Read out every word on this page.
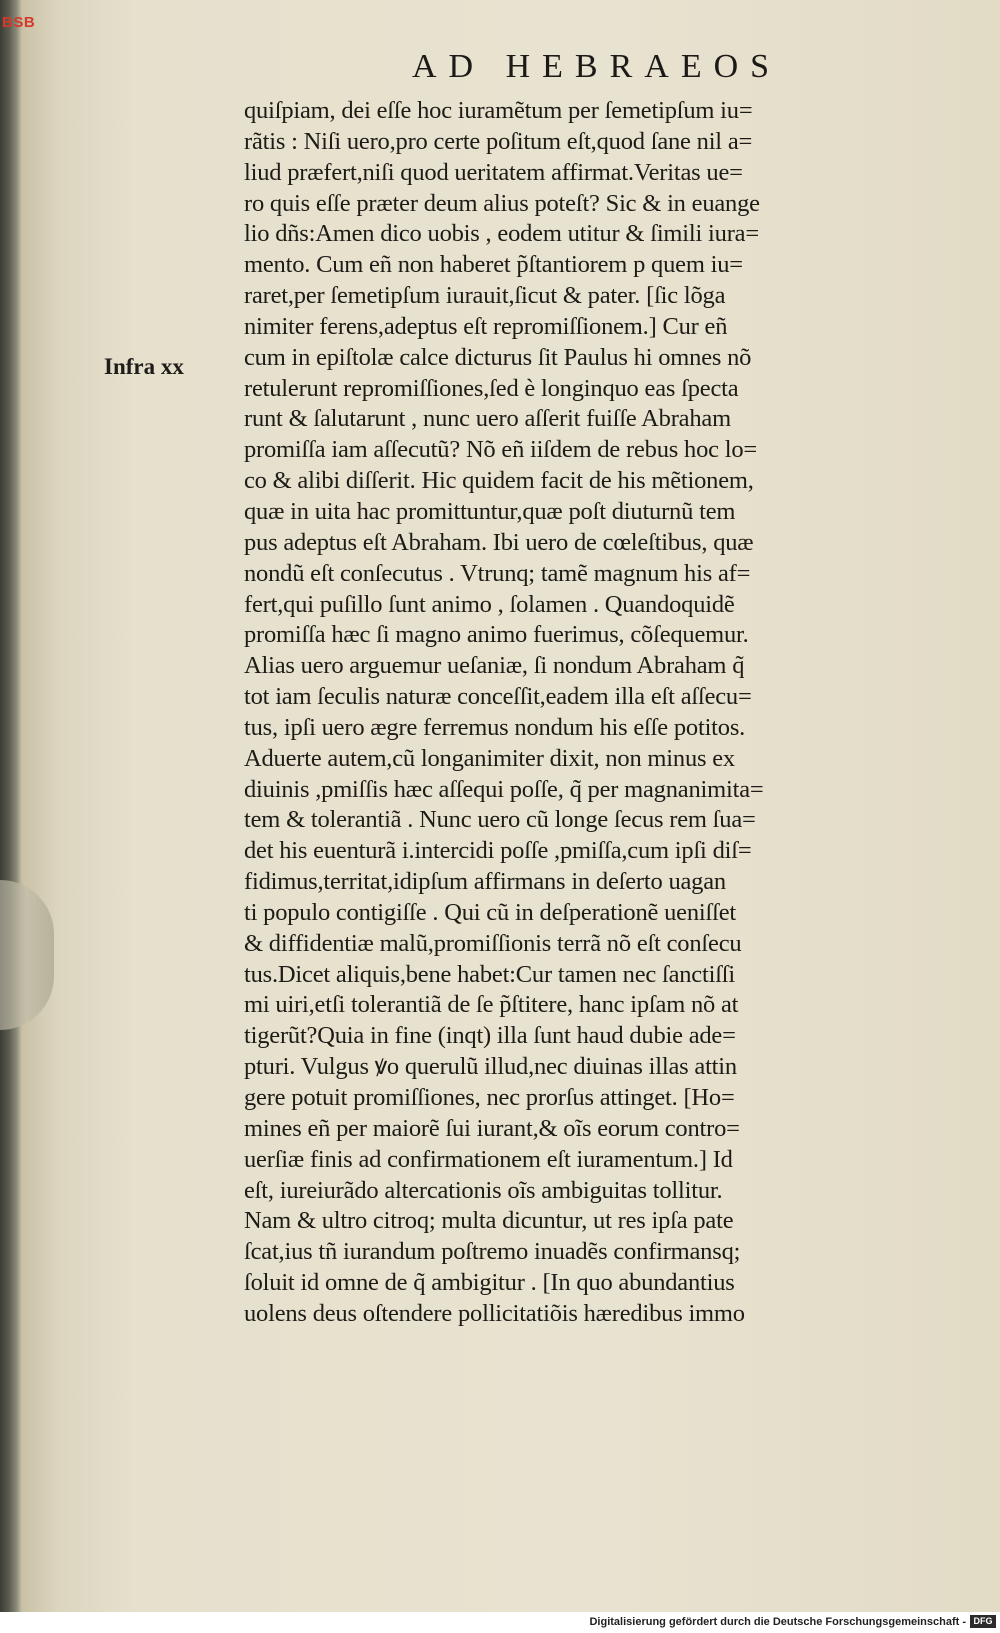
BSB
AD HEBRAEOS
Infra xx
quiſpiam, dei eſſe hoc iuramẽtum per ſemetipſum iu=
rãtis : Niſi uero,pro certe poſitum eſt,quod ſane nil a=
liud præfert,niſi quod ueritatem affirmat.Veritas ue=
ro quis eſſe præter deum alius poteſt? Sic & in euange
lio dñs:Amen dico uobis , eodem utitur & ſimili iura=
mento. Cum eñ non haberet p̃ſtantiorem p quem iu=
raret,per ſemetipſum iurauit,ſicut & pater. [ſic lõga
nimiter ferens,adeptus eſt repromiſſionem.] Cur eñ
cum in epiſtolæ calce dicturus ſit Paulus hi omnes nõ
retulerunt repromiſſiones,ſed è longinquo eas ſpecta
runt & ſalutarunt , nunc uero aſſerit fuiſſe Abraham
promiſſa iam aſſecutũ? Nõ eñ iiſdem de rebus hoc lo=
co & alibi diſſerit. Hic quidem facit de his mẽtionem,
quæ in uita hac promittuntur,quæ poſt diuturnũ tem
pus adeptus eſt Abraham. Ibi uero de cœleſtibus, quæ
nondũ eſt conſecutus . Vtrunq; tamẽ magnum his af=
fert,qui puſillo ſunt animo , ſolamen . Quandoquidẽ
promiſſa hæc ſi magno animo fuerimus, cõſequemur.
Alias uero arguemur ueſaniæ, ſi nondum Abraham q̃
tot iam ſeculis naturæ conceſſit,eadem illa eſt aſſecu=
tus, ipſi uero ægre ferremus nondum his eſſe potitos.
Aduerte autem,cũ longanimiter dixit, non minus ex
diuinis ,pmiſſis hæc aſſequi poſſe, q̃ per magnanimita=
tem & tolerantiã . Nunc uero cũ longe ſecus rem ſua=
det his euenturã i.intercidi poſſe ,pmiſſa,cum ipſi diſ=
fidimus,territat,idipſum affirmans in deſerto uagan
ti populo contigiſſe . Qui cũ in deſperationẽ ueniſſet
& diffidentiæ malũ,promiſſionis terrã nõ eſt conſecu
tus.Dicet aliquis,bene habet:Cur tamen nec ſanctiſſi
mi uiri,etſi tolerantiã de ſe p̃ſtitere, hanc ipſam nõ at
tigerũt?Quia in fine (inqt) illa ſunt haud dubie ade=
pturi. Vulgus ꝟo querulũ illud,nec diuinas illas attin
gere potuit promiſſiones, nec prorſus attinget. [Ho=
mines eñ per maiorẽ ſui iurant,& oĩs eorum contro=
uerſiæ finis ad confirmationem eſt iuramentum.] Id
eſt, iureiurãdo altercationis oĩs ambiguitas tollitur.
Nam & ultro citroq; multa dicuntur, ut res ipſa pate
ſcat,ius tñ iurandum poſtremo inuadẽs confirmansq;
ſoluit id omne de q̃ ambigitur . [In quo abundantius
uolens deus oſtendere pollicitatiõis hæredibus immo
Digitalisierung gefördert durch die Deutsche Forschungsgemeinschaft - DFG
